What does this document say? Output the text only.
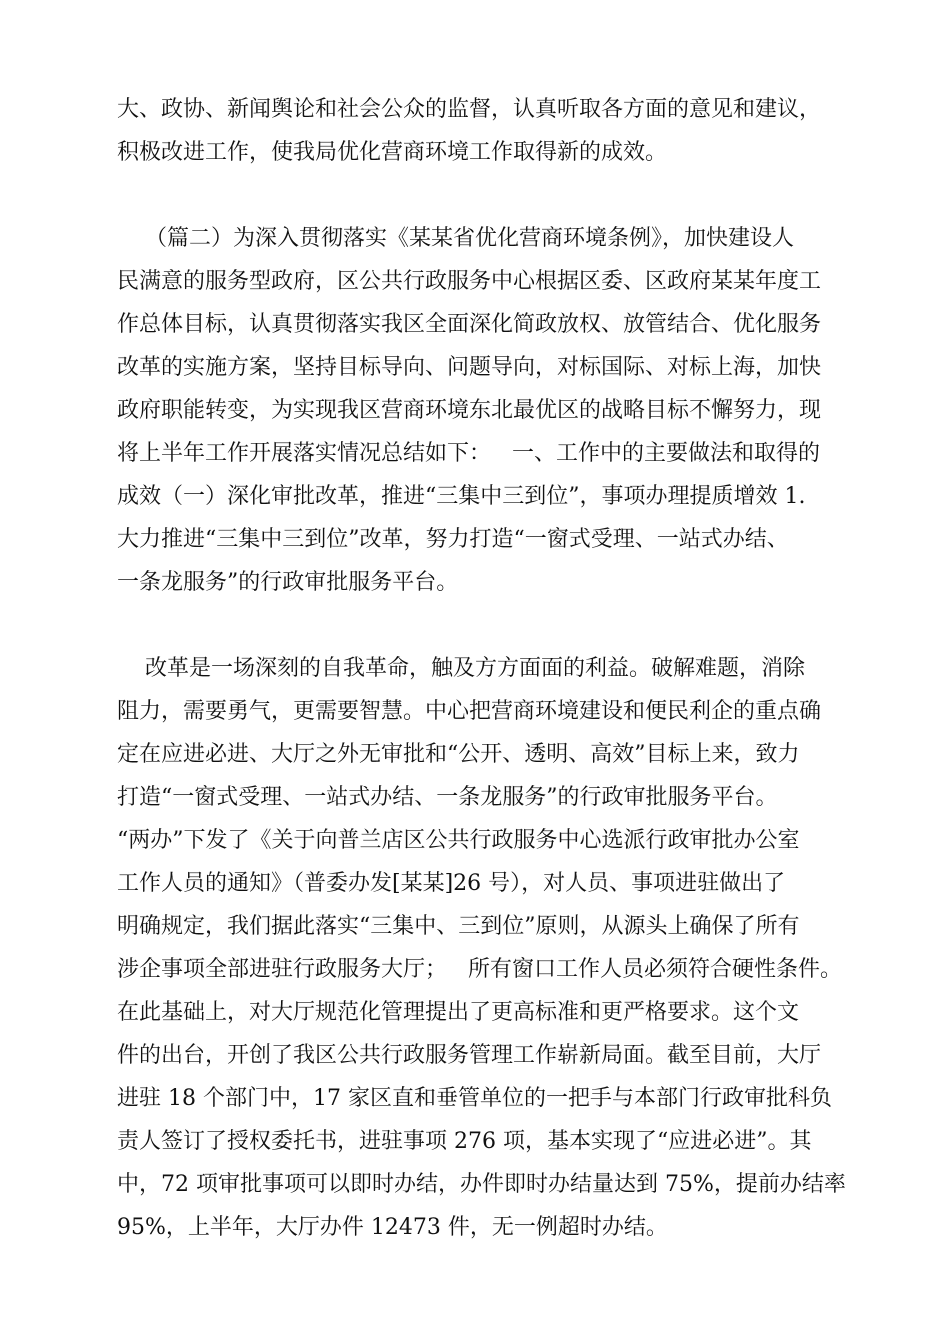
大、政协、新闻舆论和社会公众的监督，认真听取各方面的意见和建议，
积极改进工作，使我局优化营商环境工作取得新的成效。
（篇二）为深入贯彻落实《某某省优化营商环境条例》，加快建设人
民满意的服务型政府，区公共行政服务中心根据区委、区政府某某年度工
作总体目标，认真贯彻落实我区全面深化简政放权、放管结合、优化服务
改革的实施方案，坚持目标导向、问题导向，对标国际、对标上海，加快
政府职能转变，为实现我区营商环境东北最优区的战略目标不懈努力，现
将上半年工作开展落实情况总结如下：   一、工作中的主要做法和取得的
成效（一）深化审批改革，推进“三集中三到位”，事项办理提质增效 1.
大力推进“三集中三到位”改革，努力打造“一窗式受理、一站式办结、
一条龙服务”的行政审批服务平台。
改革是一场深刻的自我革命，触及方方面面的利益。破解难题，消除
阻力，需要勇气，更需要智慧。中心把营商环境建设和便民利企的重点确
定在应进必进、大厅之外无审批和“公开、透明、高效”目标上来，致力
打造“一窗式受理、一站式办结、一条龙服务”的行政审批服务平台。
“两办”下发了《关于向普兰店区公共行政服务中心选派行政审批办公室
工作人员的通知》（普委办发[某某]26 号），对人员、事项进驻做出了
明确规定，我们据此落实“三集中、三到位”原则，从源头上确保了所有
涉企事项全部进驻行政服务大厅；   所有窗口工作人员必须符合硬性条件。
在此基础上，对大厅规范化管理提出了更高标准和更严格要求。这个文
件的出台，开创了我区公共行政服务管理工作崭新局面。截至目前，大厅
进驻 18 个部门中，17 家区直和垂管单位的一把手与本部门行政审批科负
责人签订了授权委托书，进驻事项 276 项，基本实现了“应进必进”。其
中，72 项审批事项可以即时办结，办件即时办结量达到 75%，提前办结率
95%，上半年，大厅办件 12473 件，无一例超时办结。
